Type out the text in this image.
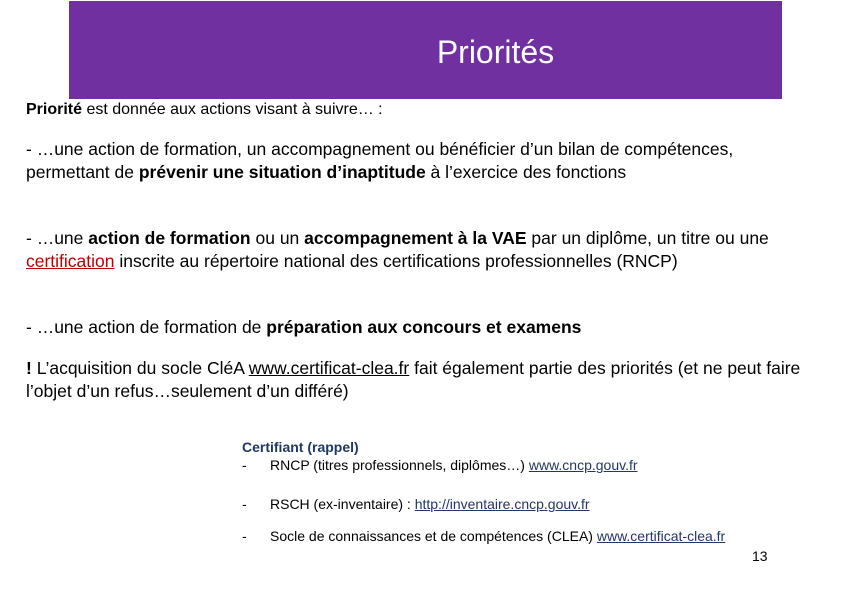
Priorités
Priorité est donnée aux actions visant à suivre… :
- …une action de formation, un accompagnement ou bénéficier d’un bilan de compétences, permettant de prévenir une situation d’inaptitude à l’exercice des fonctions
- …une action de formation ou un accompagnement à la VAE par un diplôme, un titre ou une certification inscrite au répertoire national des certifications professionnelles (RNCP)
- …une action de formation de préparation aux concours et examens
! L’acquisition du socle CléA www.certificat-clea.fr fait également partie des priorités (et ne peut faire l’objet d’un refus…seulement d’un différé)
Certifiant (rappel)
-	RNCP (titres professionnels, diplômes…) www.cncp.gouv.fr
-	RSCH (ex-inventaire) : http://inventaire.cncp.gouv.fr
-	Socle de connaissances et de compétences (CLEA) www.certificat-clea.fr
13
